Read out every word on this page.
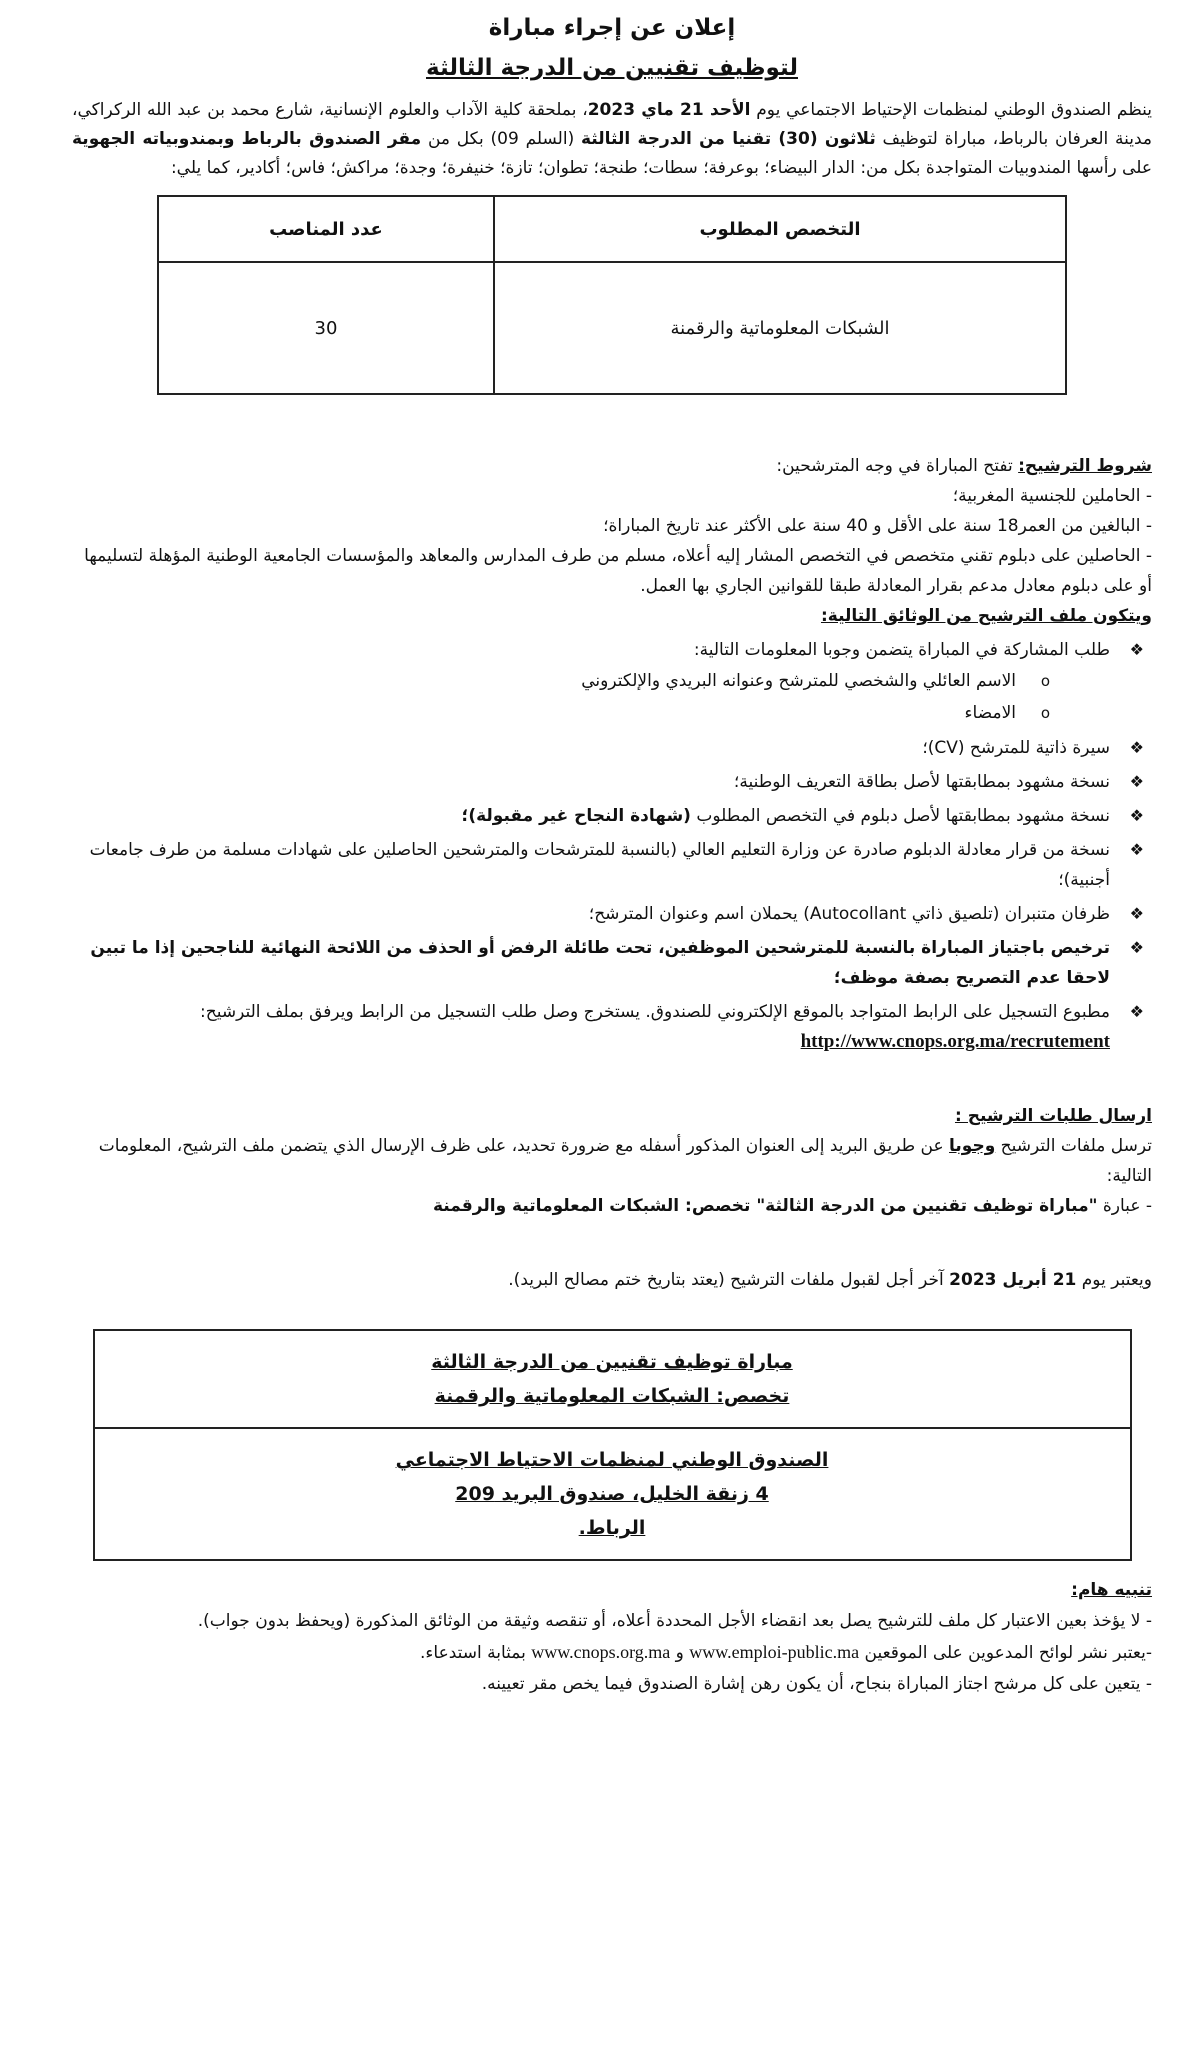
إعلان عن إجراء مباراة

لتوظيف تقنيين من الدرجة الثالثة

ينظم الصندوق الوطني لمنظمات الإحتياط الاجتماعي يوم الأحد 21 ماي 2023، بملحقة كلية الآداب والعلوم الإنسانية، شارع محمد بن عبد الله الركراكي، مدينة العرفان بالرباط، مباراة لتوظيف ثلاثون (30) تقنيا من الدرجة الثالثة (السلم 09) بكل من مقر الصندوق بالرباط وبمندوبياته الجهوية على رأسها المندوبيات المتواجدة بكل من: الدار البيضاء؛ بوعرفة؛ سطات؛ طنجة؛ تطوان؛ تازة؛ خنيفرة؛ وجدة؛ مراكش؛ فاس؛ أكادير، كما يلي:

التخصص المطلوب	عدد المناصب
الشبكات المعلوماتية والرقمنة	30

شروط الترشيح: تفتح المباراة في وجه المترشحين:

- الحاملين للجنسية المغربية؛

- البالغين من العمر18 سنة على الأقل و 40 سنة على الأكثر عند تاريخ المباراة؛

- الحاصلين على دبلوم تقني متخصص في التخصص المشار إليه أعلاه، مسلم من طرف المدارس والمعاهد والمؤسسات الجامعية الوطنية المؤهلة لتسليمها أو على دبلوم معادل مدعم بقرار المعادلة طبقا للقوانين الجاري بها العمل.

ويتكون ملف الترشيح من الوثائق التالية:

❖
طلب المشاركة في المباراة يتضمن وجوبا المعلومات التالية:
o
الاسم العائلي والشخصي للمترشح وعنوانه البريدي والإلكتروني
o
الامضاء
❖
سيرة ذاتية للمترشح (CV)؛
❖
نسخة مشهود بمطابقتها لأصل بطاقة التعريف الوطنية؛
❖
نسخة مشهود بمطابقتها لأصل دبلوم في التخصص المطلوب (شهادة النجاح غير مقبولة)؛
❖
نسخة من قرار معادلة الدبلوم صادرة عن وزارة التعليم العالي (بالنسبة للمترشحات والمترشحين الحاصلين على شهادات مسلمة من طرف جامعات أجنبية)؛
❖
ظرفان متنبران (تلصيق ذاتي Autocollant) يحملان اسم وعنوان المترشح؛
❖
ترخيص باجتياز المباراة بالنسبة للمترشحين الموظفين، تحت طائلة الرفض أو الحذف من اللائحة النهائية للناجحين إذا ما تبين لاحقا عدم التصريح بصفة موظف؛
❖
مطبوع التسجيل على الرابط المتواجد بالموقع الإلكتروني للصندوق. يستخرج وصل طلب التسجيل من الرابط ويرفق بملف الترشيح: http://www.cnops.org.ma/recrutement

ارسال طلبات الترشيح :

ترسل ملفات الترشيح وجوبا عن طريق البريد إلى العنوان المذكور أسفله مع ضرورة تحديد، على ظرف الإرسال الذي يتضمن ملف الترشيح، المعلومات التالية:

- عبارة "مباراة توظيف تقنيين من الدرجة الثالثة" تخصص: الشبكات المعلوماتية والرقمنة

ويعتبر يوم 21 أبريل 2023 آخر أجل لقبول ملفات الترشيح (يعتد بتاريخ ختم مصالح البريد).

مباراة توظيف تقنيين من الدرجة الثالثة
تخصص: الشبكات المعلوماتية والرقمنة
الصندوق الوطني لمنظمات الاحتياط الاجتماعي
4 زنقة الخليل، صندوق البريد 209
الرباط.

تنبيه هام:

- لا يؤخذ بعين الاعتبار كل ملف للترشيح يصل بعد انقضاء الأجل المحددة أعلاه، أو تنقصه وثيقة من الوثائق المذكورة (ويحفظ بدون جواب).

-يعتبر نشر لوائح المدعوين على الموقعين www.emploi-public.ma و www.cnops.org.ma بمثابة استدعاء.

- يتعين على كل مرشح اجتاز المباراة بنجاح، أن يكون رهن إشارة الصندوق فيما يخص مقر تعيينه.
